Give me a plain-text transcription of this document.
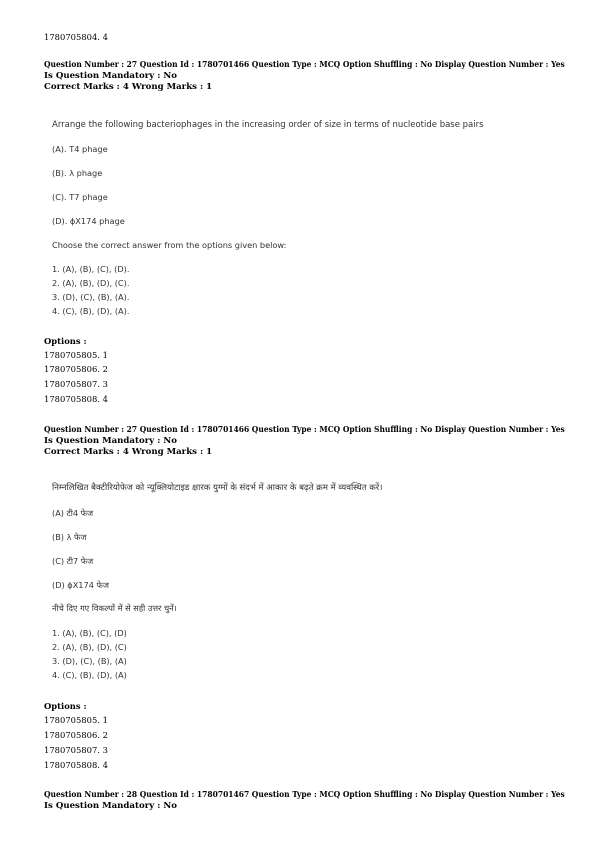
1780705804. 4
Question Number : 27 Question Id : 1780701466 Question Type : MCQ Option Shuffling : No Display Question Number : Yes
Is Question Mandatory : No
Correct Marks : 4 Wrong Marks : 1
Arrange the following bacteriophages in the increasing order of size in terms of nucleotide base pairs
(A). T4 phage
(B). λ phage
(C). T7 phage
(D). ϕX174 phage
Choose the correct answer from the options given below:
1. (A), (B), (C), (D).
2. (A), (B), (D), (C).
3. (D), (C), (B), (A).
4. (C), (B), (D), (A).
Options :
1780705805. 1
1780705806. 2
1780705807. 3
1780705808. 4
Question Number : 27 Question Id : 1780701466 Question Type : MCQ Option Shuffling : No Display Question Number : Yes
Is Question Mandatory : No
Correct Marks : 4 Wrong Marks : 1
निम्नलिखित बैक्टीरियोफेज को न्यूक्लियोटाइड क्षारक युग्मों के संदर्भ में आकार के बढ़ते क्रम में व्यवस्थित करें।
(A) टी4 फेज
(B) λ फेज
(C) टी7 फेज
(D) ϕX174 फेज
नीचे दिए गए विकल्पों में से सही उत्तर चुनें।
1. (A), (B), (C), (D)
2. (A), (B), (D), (C)
3. (D), (C), (B), (A)
4. (C), (B), (D), (A)
Options :
1780705805. 1
1780705806. 2
1780705807. 3
1780705808. 4
Question Number : 28 Question Id : 1780701467 Question Type : MCQ Option Shuffling : No Display Question Number : Yes
Is Question Mandatory : No
